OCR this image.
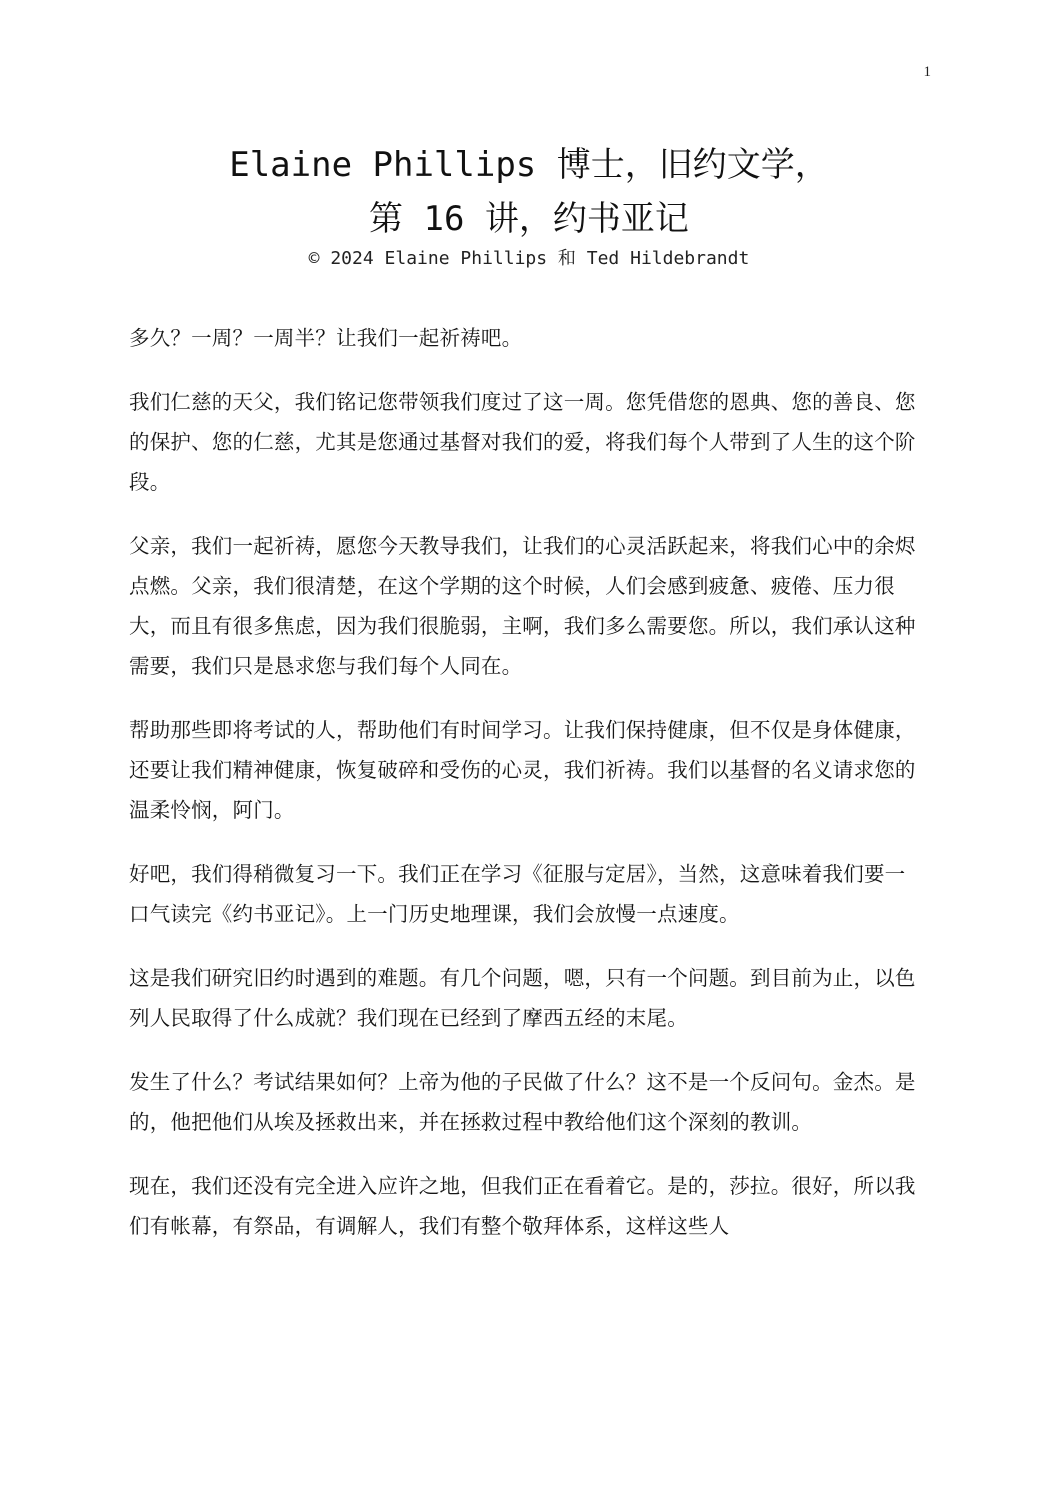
1
Elaine Phillips 博士，旧约文学，
第 16 讲，约书亚记
© 2024 Elaine Phillips 和 Ted Hildebrandt

多久？一周？一周半？让我们一起祈祷吧。

我们仁慈的天父，我们铭记您带领我们度过了这一周。您凭借您的恩典、您的善良、您的保护、您的仁慈，尤其是您通过基督对我们的爱，将我们每个人带到了人生的这个阶段。

父亲，我们一起祈祷，愿您今天教导我们，让我们的心灵活跃起来，将我们心中的余烬点燃。父亲，我们很清楚，在这个学期的这个时候，人们会感到疲惫、疲倦、压力很大，而且有很多焦虑，因为我们很脆弱，主啊，我们多么需要您。所以，我们承认这种需要，我们只是恳求您与我们每个人同在。

帮助那些即将考试的人，帮助他们有时间学习。让我们保持健康，但不仅是身体健康，还要让我们精神健康，恢复破碎和受伤的心灵，我们祈祷。我们以基督的名义请求您的温柔怜悯，阿门。

好吧，我们得稍微复习一下。我们正在学习《征服与定居》，当然，这意味着我们要一口气读完《约书亚记》。上一门历史地理课，我们会放慢一点速度。

这是我们研究旧约时遇到的难题。有几个问题，嗯，只有一个问题。到目前为止，以色列人民取得了什么成就？我们现在已经到了摩西五经的末尾。

发生了什么？考试结果如何？上帝为他的子民做了什么？这不是一个反问句。金杰。是的，他把他们从埃及拯救出来，并在拯救过程中教给他们这个深刻的教训。

现在，我们还没有完全进入应许之地，但我们正在看着它。是的，莎拉。很好，所以我们有帐幕，有祭品，有调解人，我们有整个敬拜体系，这样这些人
